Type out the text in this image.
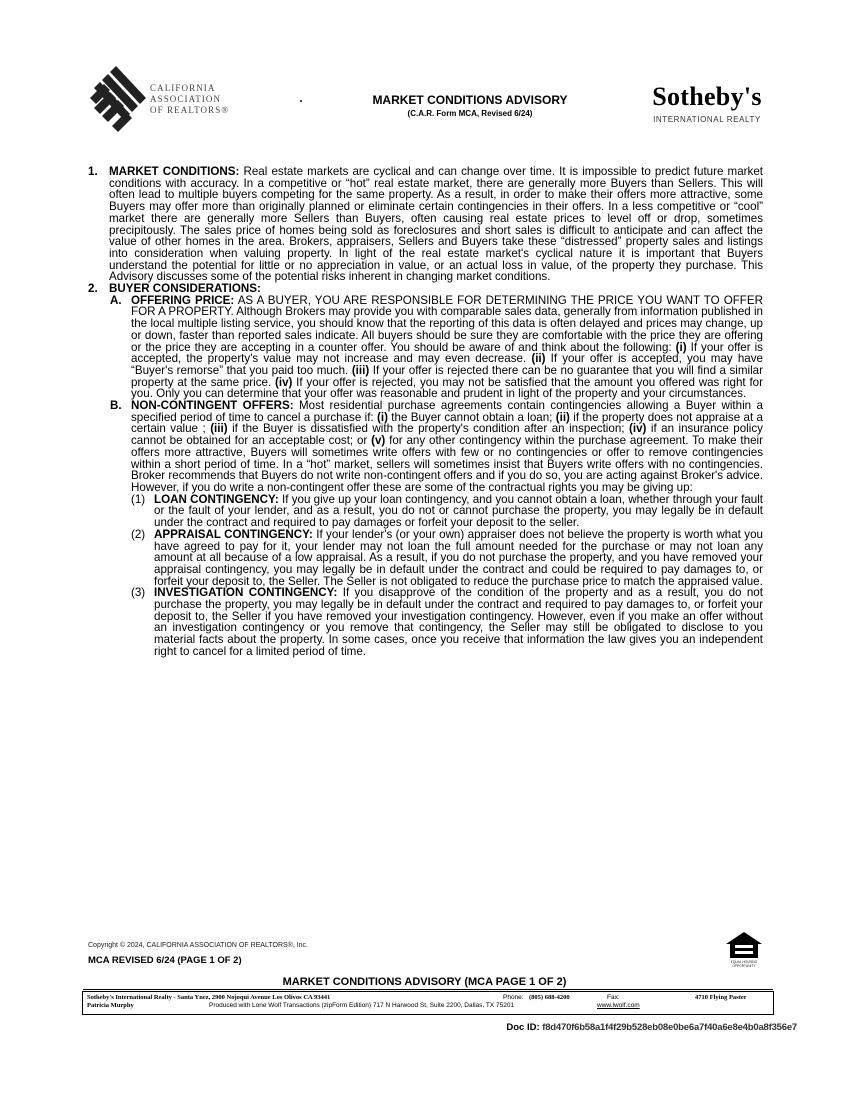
CALIFORNIA
ASSOCIATION
OF REALTORS®
MARKET CONDITIONS ADVISORY
(C.A.R. Form MCA, Revised 6/24)
Sotheby's
INTERNATIONAL REALTY
1. MARKET CONDITIONS: Real estate markets are cyclical and can change over time. It is impossible to predict future market conditions with accuracy. In a competitive or “hot” real estate market, there are generally more Buyers than Sellers. This will often lead to multiple buyers competing for the same property. As a result, in order to make their offers more attractive, some Buyers may offer more than originally planned or eliminate certain contingencies in their offers. In a less competitive or “cool” market there are generally more Sellers than Buyers, often causing real estate prices to level off or drop, sometimes precipitously. The sales price of homes being sold as foreclosures and short sales is difficult to anticipate and can affect the value of other homes in the area. Brokers, appraisers, Sellers and Buyers take these “distressed” property sales and listings into consideration when valuing property. In light of the real estate market's cyclical nature it is important that Buyers understand the potential for little or no appreciation in value, or an actual loss in value, of the property they purchase. This Advisory discusses some of the potential risks inherent in changing market conditions.

2. BUYER CONSIDERATIONS:
A. OFFERING PRICE: AS A BUYER, YOU ARE RESPONSIBLE FOR DETERMINING THE PRICE YOU WANT TO OFFER FOR A PROPERTY. Although Brokers may provide you with comparable sales data, generally from information published in the local multiple listing service, you should know that the reporting of this data is often delayed and prices may change, up or down, faster than reported sales indicate. All buyers should be sure they are comfortable with the price they are offering or the price they are accepting in a counter offer. You should be aware of and think about the following: (i) If your offer is accepted, the property's value may not increase and may even decrease. (ii) If your offer is accepted, you may have “Buyer's remorse” that you paid too much. (iii) If your offer is rejected there can be no guarantee that you will find a similar property at the same price. (iv) If your offer is rejected, you may not be satisfied that the amount you offered was right for you. Only you can determine that your offer was reasonable and prudent in light of the property and your circumstances.

B. NON-CONTINGENT OFFERS: Most residential purchase agreements contain contingencies allowing a Buyer within a specified period of time to cancel a purchase if: (i) the Buyer cannot obtain a loan; (ii) if the property does not appraise at a certain value ; (iii) if the Buyer is dissatisfied with the property's condition after an inspection; (iv) if an insurance policy cannot be obtained for an acceptable cost; or (v) for any other contingency within the purchase agreement. To make their offers more attractive, Buyers will sometimes write offers with few or no contingencies or offer to remove contingencies within a short period of time. In a “hot” market, sellers will sometimes insist that Buyers write offers with no contingencies. Broker recommends that Buyers do not write non-contingent offers and if you do so, you are acting against Broker's advice. However, if you do write a non-contingent offer these are some of the contractual rights you may be giving up:

(1) LOAN CONTINGENCY: If you give up your loan contingency, and you cannot obtain a loan, whether through your fault or the fault of your lender, and as a result, you do not or cannot purchase the property, you may legally be in default under the contract and required to pay damages or forfeit your deposit to the seller.

(2) APPRAISAL CONTINGENCY: If your lender's (or your own) appraiser does not believe the property is worth what you have agreed to pay for it, your lender may not loan the full amount needed for the purchase or may not loan any amount at all because of a low appraisal. As a result, if you do not purchase the property, and you have removed your appraisal contingency, you may legally be in default under the contract and could be required to pay damages to, or forfeit your deposit to, the Seller. The Seller is not obligated to reduce the purchase price to match the appraised value.

(3) INVESTIGATION CONTINGENCY: If you disapprove of the condition of the property and as a result, you do not purchase the property, you may legally be in default under the contract and required to pay damages to, or forfeit your deposit to, the Seller if you have removed your investigation contingency. However, even if you make an offer without an investigation contingency or you remove that contingency, the Seller may still be obligated to disclose to you material facts about the property. In some cases, once you receive that information the law gives you an independent right to cancel for a limited period of time.

Copyright © 2024, CALIFORNIA ASSOCIATION OF REALTORS®, Inc.
MCA REVISED 6/24 (PAGE 1 OF 2)	EQUAL HOUSING OPPORTUNITY
MARKET CONDITIONS ADVISORY (MCA PAGE 1 OF 2)
Sotheby's International Realty - Santa Ynez, 2900 Nojoqui Avenue Los Olivos CA 93441
Patricia Murphy
Phone: (805) 688-4200	Fax:	4710 Flying Paster
Produced with Lone Wolf Transactions (zipForm Edition) 717 N Harwood St, Suite 2200, Dallas, TX 75201	www.lwolf.com
Doc ID: f8d470f6b58a1f4f29b528eb08e0be6a7f40a6e8e4b0a8f356e7
